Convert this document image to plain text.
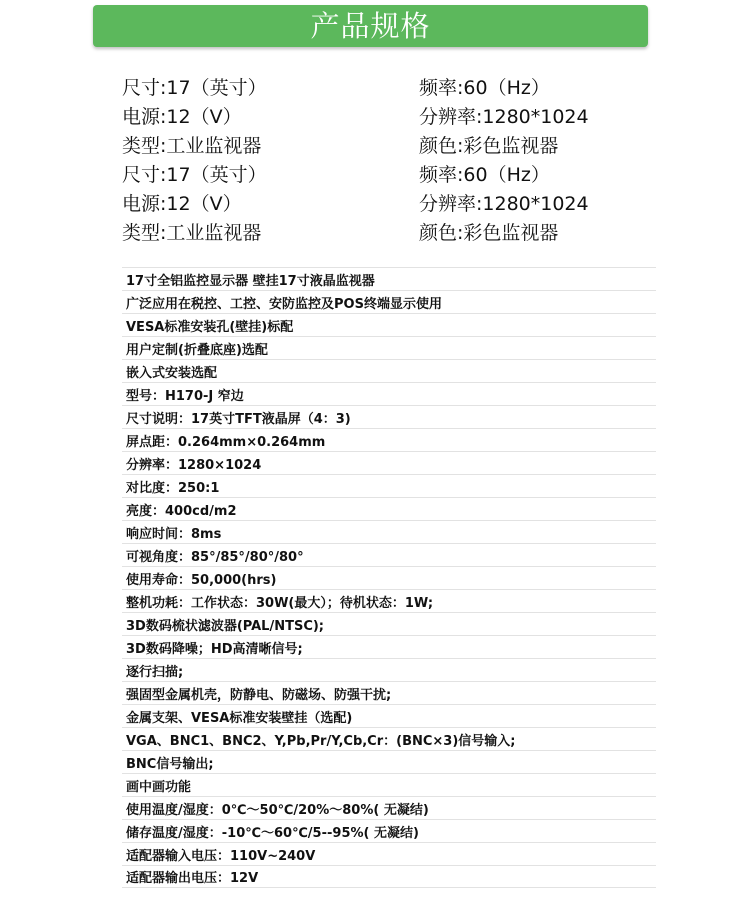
产品规格
尺寸:17（英寸）	频率:60（Hz）
电源:12（V）	分辨率:1280*1024
类型:工业监视器	颜色:彩色监视器
尺寸:17（英寸）	频率:60（Hz）
电源:12（V）	分辨率:1280*1024
类型:工业监视器	颜色:彩色监视器
17寸全铝监控显示器 壁挂17寸液晶监视器
广泛应用在税控、工控、安防监控及POS终端显示使用
VESA标准安装孔(壁挂)标配
用户定制(折叠底座)选配
嵌入式安装选配
型号：H170-J 窄边
尺寸说明：17英寸TFT液晶屏（4：3)
屏点距：0.264mm×0.264mm
分辨率：1280×1024
对比度：250:1
亮度：400cd/m2
响应时间：8ms
可视角度：85°/85°/80°/80°
使用寿命：50,000(hrs)
整机功耗：工作状态：30W(最大）；待机状态：1W;
3D数码梳状滤波器(PAL/NTSC);
3D数码降噪；HD高清晰信号;
逐行扫描;
强固型金属机壳，防静电、防磁场、防强干扰;
金属支架、VESA标准安装壁挂（选配)
VGA、BNC1、BNC2、Y,Pb,Pr/Y,Cb,Cr：(BNC×3)信号输入;
BNC信号输出;
画中画功能
使用温度/湿度：0℃～50℃/20%～80%( 无凝结)
储存温度/湿度：-10℃～60℃/5--95%( 无凝结)
适配器输入电压：110V~240V
适配器输出电压：12V
